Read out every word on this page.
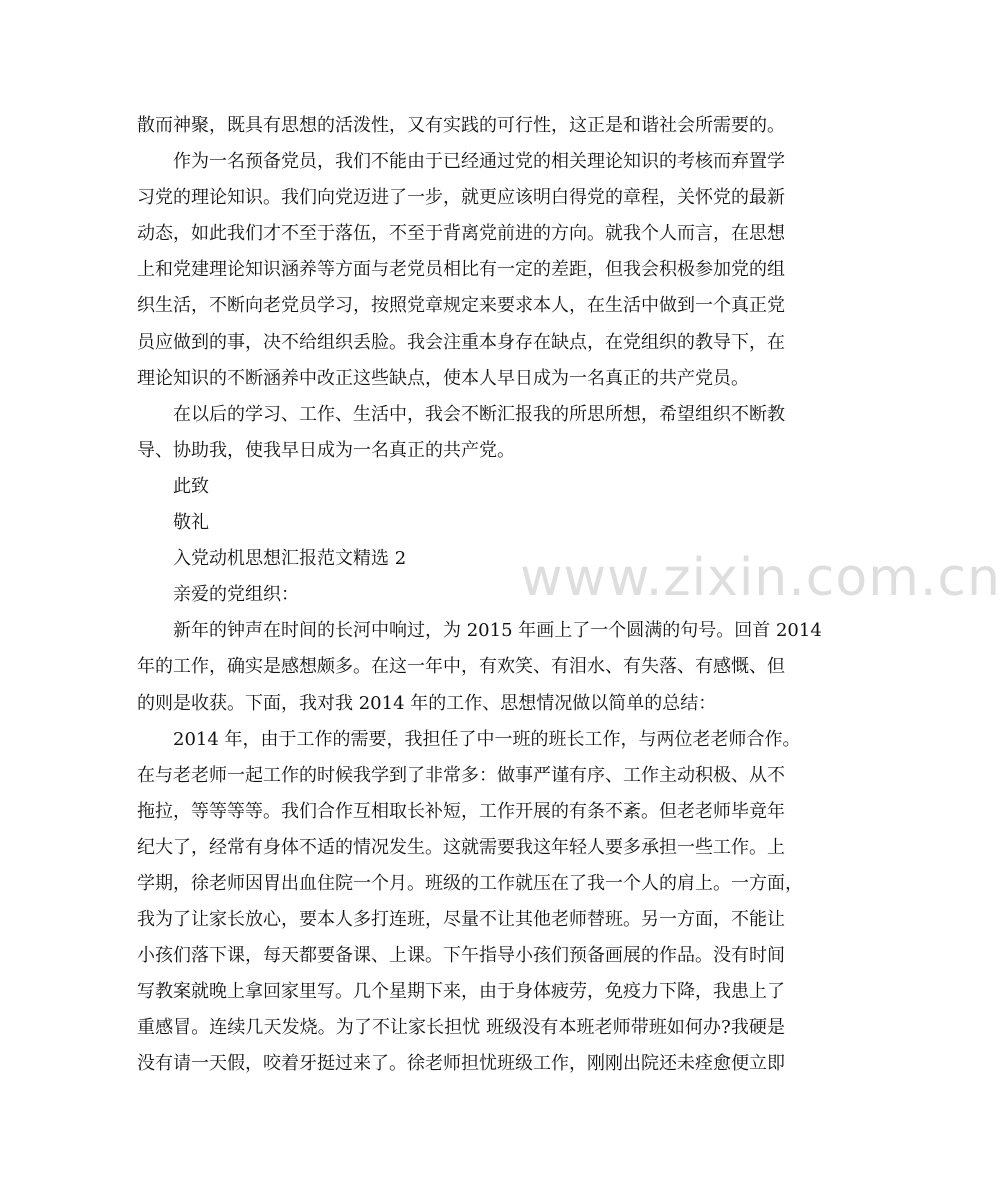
www.zixin.com.cn
散而神聚，既具有思想的活泼性，又有实践的可行性，这正是和谐社会所需要的。
作为一名预备党员，我们不能由于已经通过党的相关理论知识的考核而弃置学
习党的理论知识。我们向党迈进了一步，就更应该明白得党的章程，关怀党的最新
动态，如此我们才不至于落伍，不至于背离党前进的方向。就我个人而言，在思想
上和党建理论知识涵养等方面与老党员相比有一定的差距，但我会积极参加党的组
织生活，不断向老党员学习，按照党章规定来要求本人，在生活中做到一个真正党
员应做到的事，决不给组织丢脸。我会注重本身存在缺点，在党组织的教导下，在
理论知识的不断涵养中改正这些缺点，使本人早日成为一名真正的共产党员。
在以后的学习、工作、生活中，我会不断汇报我的所思所想，希望组织不断教
导、协助我，使我早日成为一名真正的共产党。
此致
敬礼
入党动机思想汇报范文精选 2
亲爱的党组织：
新年的钟声在时间的长河中响过，为 2015 年画上了一个圆满的句号。回首 2014
年的工作，确实是感想颇多。在这一年中，有欢笑、有泪水、有失落、有感慨、但
的则是收获。下面，我对我 2014 年的工作、思想情况做以简单的总结：
2014 年，由于工作的需要，我担任了中一班的班长工作，与两位老老师合作。
在与老老师一起工作的时候我学到了非常多：做事严谨有序、工作主动积极、从不
拖拉，等等等等。我们合作互相取长补短，工作开展的有条不紊。但老老师毕竟年
纪大了，经常有身体不适的情况发生。这就需要我这年轻人要多承担一些工作。上
学期，徐老师因胃出血住院一个月。班级的工作就压在了我一个人的肩上。一方面，
我为了让家长放心，要本人多打连班，尽量不让其他老师替班。另一方面，不能让
小孩们落下课，每天都要备课、上课。下午指导小孩们预备画展的作品。没有时间
写教案就晚上拿回家里写。几个星期下来，由于身体疲劳，免疫力下降，我患上了
重感冒。连续几天发烧。为了不让家长担忧 班级没有本班老师带班如何办?我硬是
没有请一天假，咬着牙挺过来了。徐老师担忧班级工作，刚刚出院还未痊愈便立即
